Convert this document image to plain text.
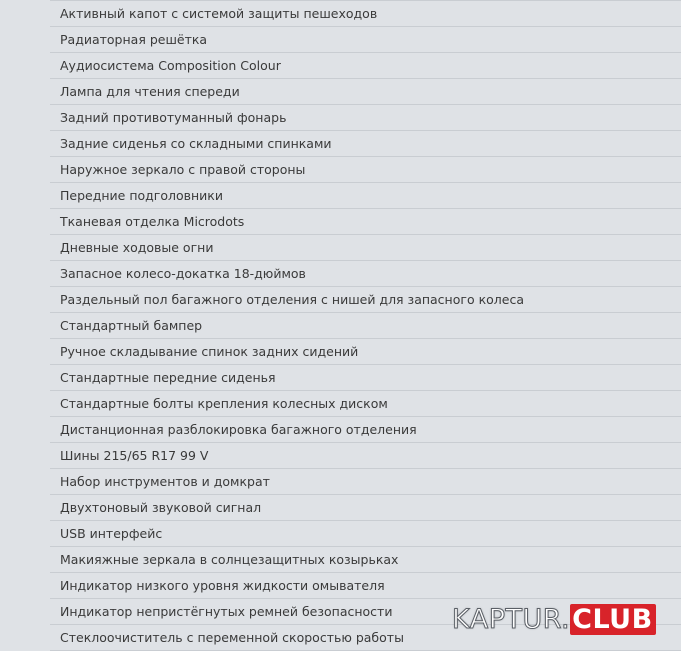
Активный капот с системой защиты пешеходов
Радиаторная решётка
Аудиосистема Composition Colour
Лампа для чтения спереди
Задний противотуманный фонарь
Задние сиденья со складными спинками
Наружное зеркало с правой стороны
Передние подголовники
Тканевая отделка Microdots
Дневные ходовые огни
Запасное колесо-докатка 18-дюймов
Раздельный пол багажного отделения с нишей для запасного колеса
Стандартный бампер
Ручное складывание спинок задних сидений
Стандартные передние сиденья
Стандартные болты крепления колесных диском
Дистанционная разблокировка багажного отделения
Шины 215/65 R17 99 V
Набор инструментов и домкрат
Двухтоновый звуковой сигнал
USB интерфейс
Макияжные зеркала в солнцезащитных козырьках
Индикатор низкого уровня жидкости омывателя
Индикатор непристёгнутых ремней безопасности
Стеклоочиститель с переменной скоростью работы
KAPTUR.CLUB
